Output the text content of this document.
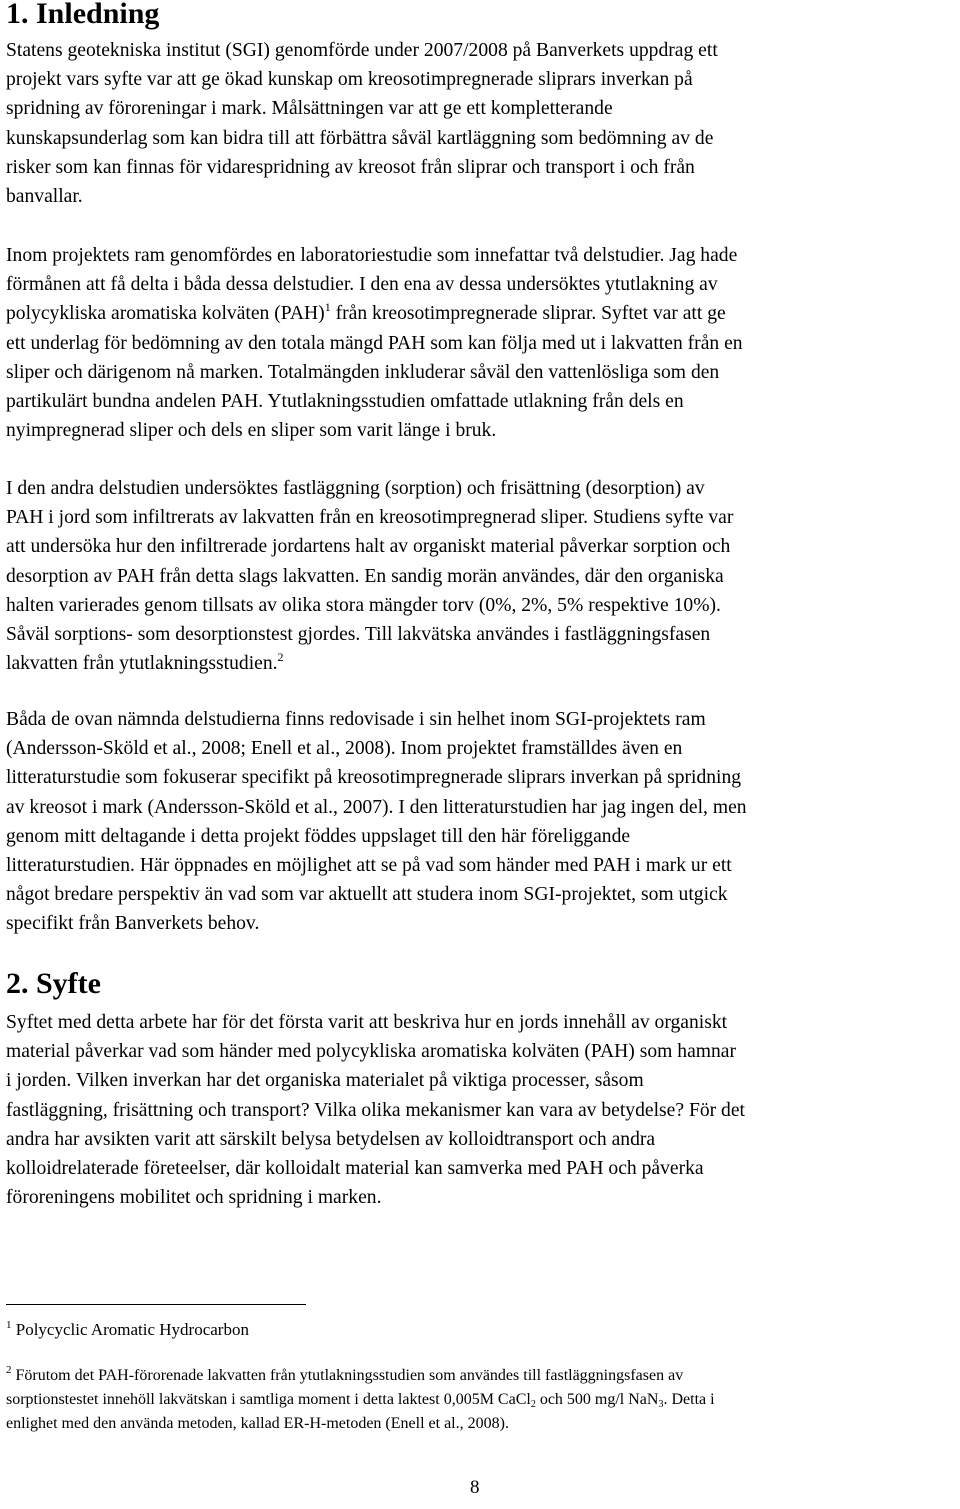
1. Inledning

Statens geotekniska institut (SGI) genomförde under 2007/2008 på Banverkets uppdrag ett
projekt vars syfte var att ge ökad kunskap om kreosotimpregnerade sliprars inverkan på
spridning av föroreningar i mark. Målsättningen var att ge ett kompletterande
kunskapsunderlag som kan bidra till att förbättra såväl kartläggning som bedömning av de
risker som kan finnas för vidarespridning av kreosot från sliprar och transport i och från
banvallar.

Inom projektets ram genomfördes en laboratoriestudie som innefattar två delstudier. Jag hade
förmånen att få delta i båda dessa delstudier. I den ena av dessa undersöktes ytutlakning av
polycykliska aromatiska kolväten (PAH)$^1$ från kreosotimpregnerade sliprar. Syftet var att ge
ett underlag för bedömning av den totala mängd PAH som kan följa med ut i lakvatten från en
sliper och därigenom nå marken. Totalmängden inkluderar såväl den vattenlösliga som den
partikulärt bundna andelen PAH. Ytutlakningsstudien omfattade utlakning från dels en
nyimpregnerad sliper och dels en sliper som varit länge i bruk.

I den andra delstudien undersöktes fastläggning (sorption) och frisättning (desorption) av
PAH i jord som infiltrerats av lakvatten från en kreosotimpregnerad sliper. Studiens syfte var
att undersöka hur den infiltrerade jordartens halt av organiskt material påverkar sorption och
desorption av PAH från detta slags lakvatten. En sandig morän användes, där den organiska
halten varierades genom tillsats av olika stora mängder torv (0%, 2%, 5% respektive 10%).
Såväl sorptions- som desorptionstest gjordes. Till lakvätska användes i fastläggningsfasen
lakvatten från ytutlakningsstudien.$^2$

Båda de ovan nämnda delstudierna finns redovisade i sin helhet inom SGI-projektets ram
(Andersson-Sköld et al., 2008; Enell et al., 2008). Inom projektet framställdes även en
litteraturstudie som fokuserar specifikt på kreosotimpregnerade sliprars inverkan på spridning
av kreosot i mark (Andersson-Sköld et al., 2007). I den litteraturstudien har jag ingen del, men
genom mitt deltagande i detta projekt föddes uppslaget till den här föreliggande
litteraturstudien. Här öppnades en möjlighet att se på vad som händer med PAH i mark ur ett
något bredare perspektiv än vad som var aktuellt att studera inom SGI-projektet, som utgick
specifikt från Banverkets behov.

2. Syfte

Syftet med detta arbete har för det första varit att beskriva hur en jords innehåll av organiskt
material påverkar vad som händer med polycykliska aromatiska kolväten (PAH) som hamnar
i jorden. Vilken inverkan har det organiska materialet på viktiga processer, såsom
fastläggning, frisättning och transport? Vilka olika mekanismer kan vara av betydelse? För det
andra har avsikten varit att särskilt belysa betydelsen av kolloidtransport och andra
kolloidrelaterade företeelser, där kolloidalt material kan samverka med PAH och påverka
föroreningens mobilitet och spridning i marken.

$^1$ Polycyclic Aromatic Hydrocarbon
$^2$ Förutom det PAH-förorenade lakvatten från ytutlakningsstudien som användes till fastläggningsfasen av
sorptionstestet innehöll lakvätskan i samtliga moment i detta laktest 0,005M CaCl2 och 500 mg/l NaN3. Detta i
enlighet med den använda metoden, kallad ER-H-metoden (Enell et al., 2008).
8
